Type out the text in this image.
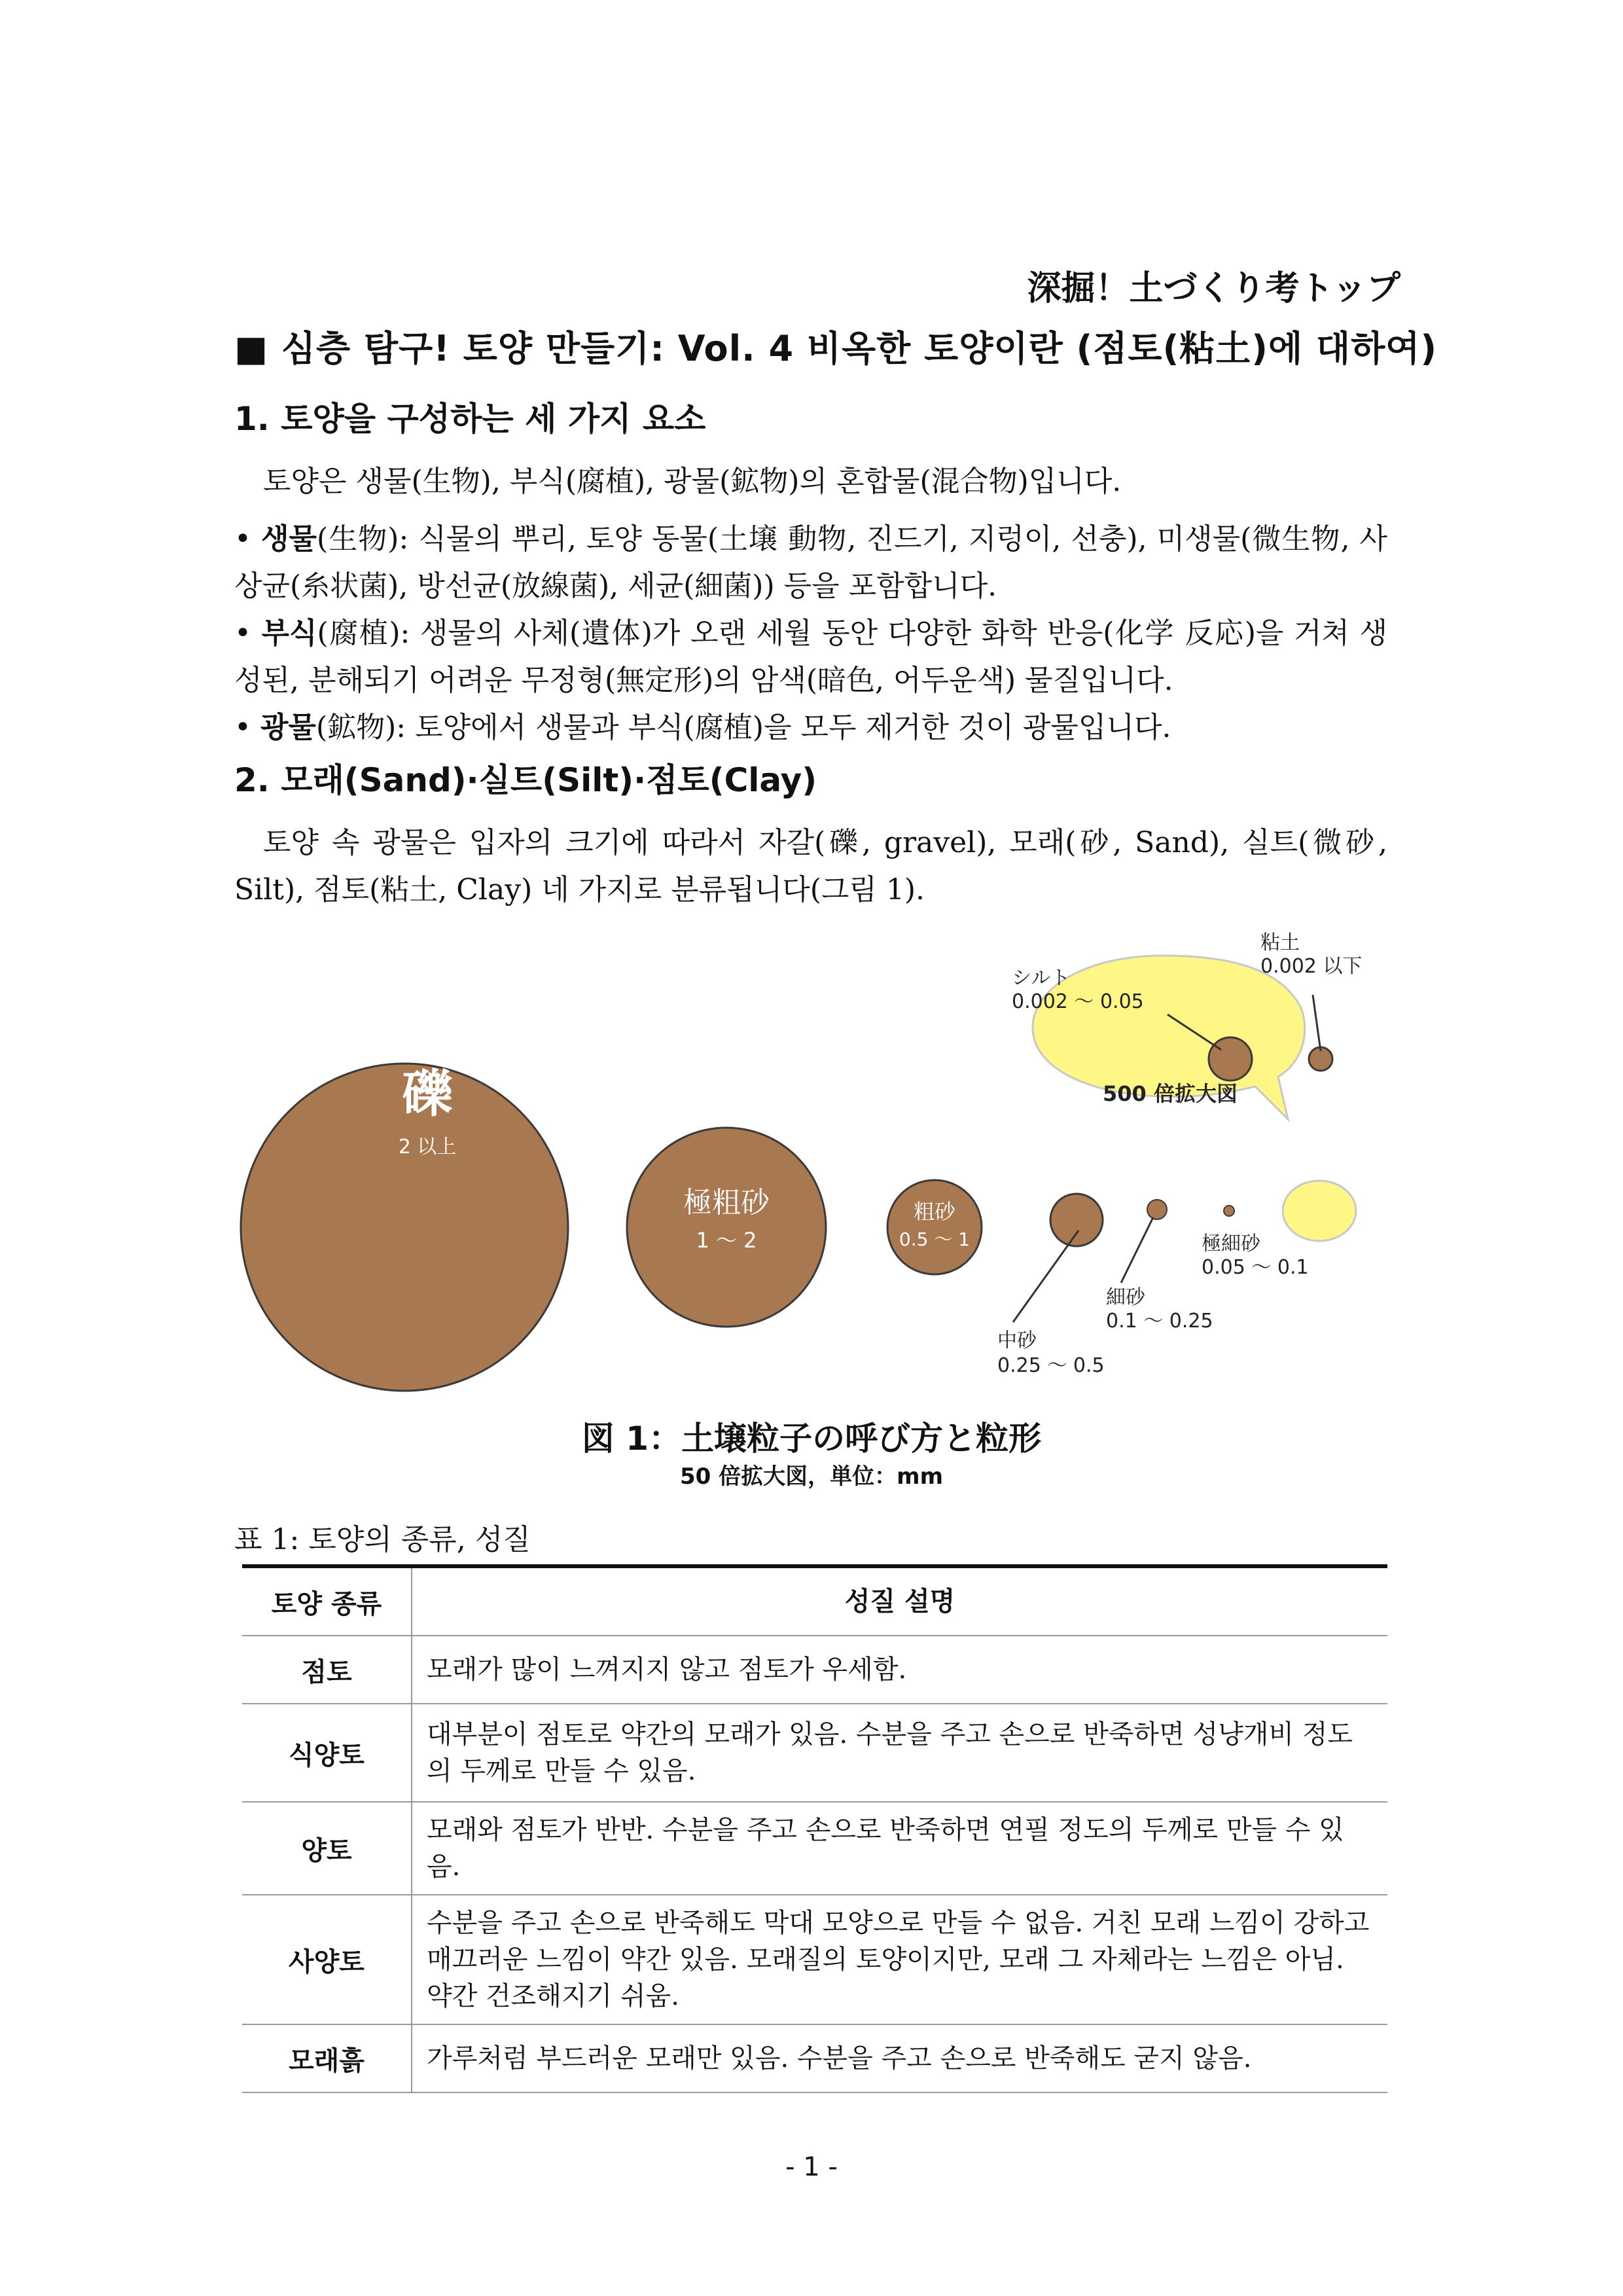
深掘！土づくり考トップ
■ 심층 탐구! 토양 만들기: Vol. 4 비옥한 토양이란 (점토(粘土)에 대하여)
1. 토양을 구성하는 세 가지 요소
토양은 생물(生物), 부식(腐植), 광물(鉱物)의 혼합물(混合物)입니다.
• 생물(生物): 식물의 뿌리, 토양 동물(土壌 動物, 진드기, 지렁이, 선충), 미생물(微生物, 사상균(糸状菌), 방선균(放線菌), 세균(細菌)) 등을 포함합니다.
• 부식(腐植): 생물의 사체(遺体)가 오랜 세월 동안 다양한 화학 반응(化学 反応)을 거쳐 생성된, 분해되기 어려운 무정형(無定形)의 암색(暗色, 어두운색) 물질입니다.
• 광물(鉱物): 토양에서 생물과 부식(腐植)을 모두 제거한 것이 광물입니다.
2. 모래(Sand)·실트(Silt)·점토(Clay)
토양 속 광물은 입자의 크기에 따라서 자갈(礫, gravel), 모래(砂, Sand), 실트(微砂, Silt), 점토(粘土, Clay) 네 가지로 분류됩니다(그림 1).
礫
2 以上
極粗砂
1 ～ 2
粗砂
0.5 ～ 1
中砂
0.25 ～ 0.5
細砂
0.1 ～ 0.25
極細砂
0.05 ～ 0.1
シルト
0.002 ～ 0.05
粘土
0.002 以下
500 倍拡大図
図 1：土壌粒子の呼び方と粒形
50 倍拡大図，単位：mm
표 1: 토양의 종류, 성질
토양 종류	성질 설명
점토	모래가 많이 느껴지지 않고 점토가 우세함.
식양토	대부분이 점토로 약간의 모래가 있음. 수분을 주고 손으로 반죽하면 성냥개비 정도의 두께로 만들 수 있음.
양토	모래와 점토가 반반. 수분을 주고 손으로 반죽하면 연필 정도의 두께로 만들 수 있음.
사양토	수분을 주고 손으로 반죽해도 막대 모양으로 만들 수 없음. 거친 모래 느낌이 강하고 매끄러운 느낌이 약간 있음. 모래질의 토양이지만, 모래 그 자체라는 느낌은 아님. 약간 건조해지기 쉬움.
모래흙	가루처럼 부드러운 모래만 있음. 수분을 주고 손으로 반죽해도 굳지 않음.
- 1 -
